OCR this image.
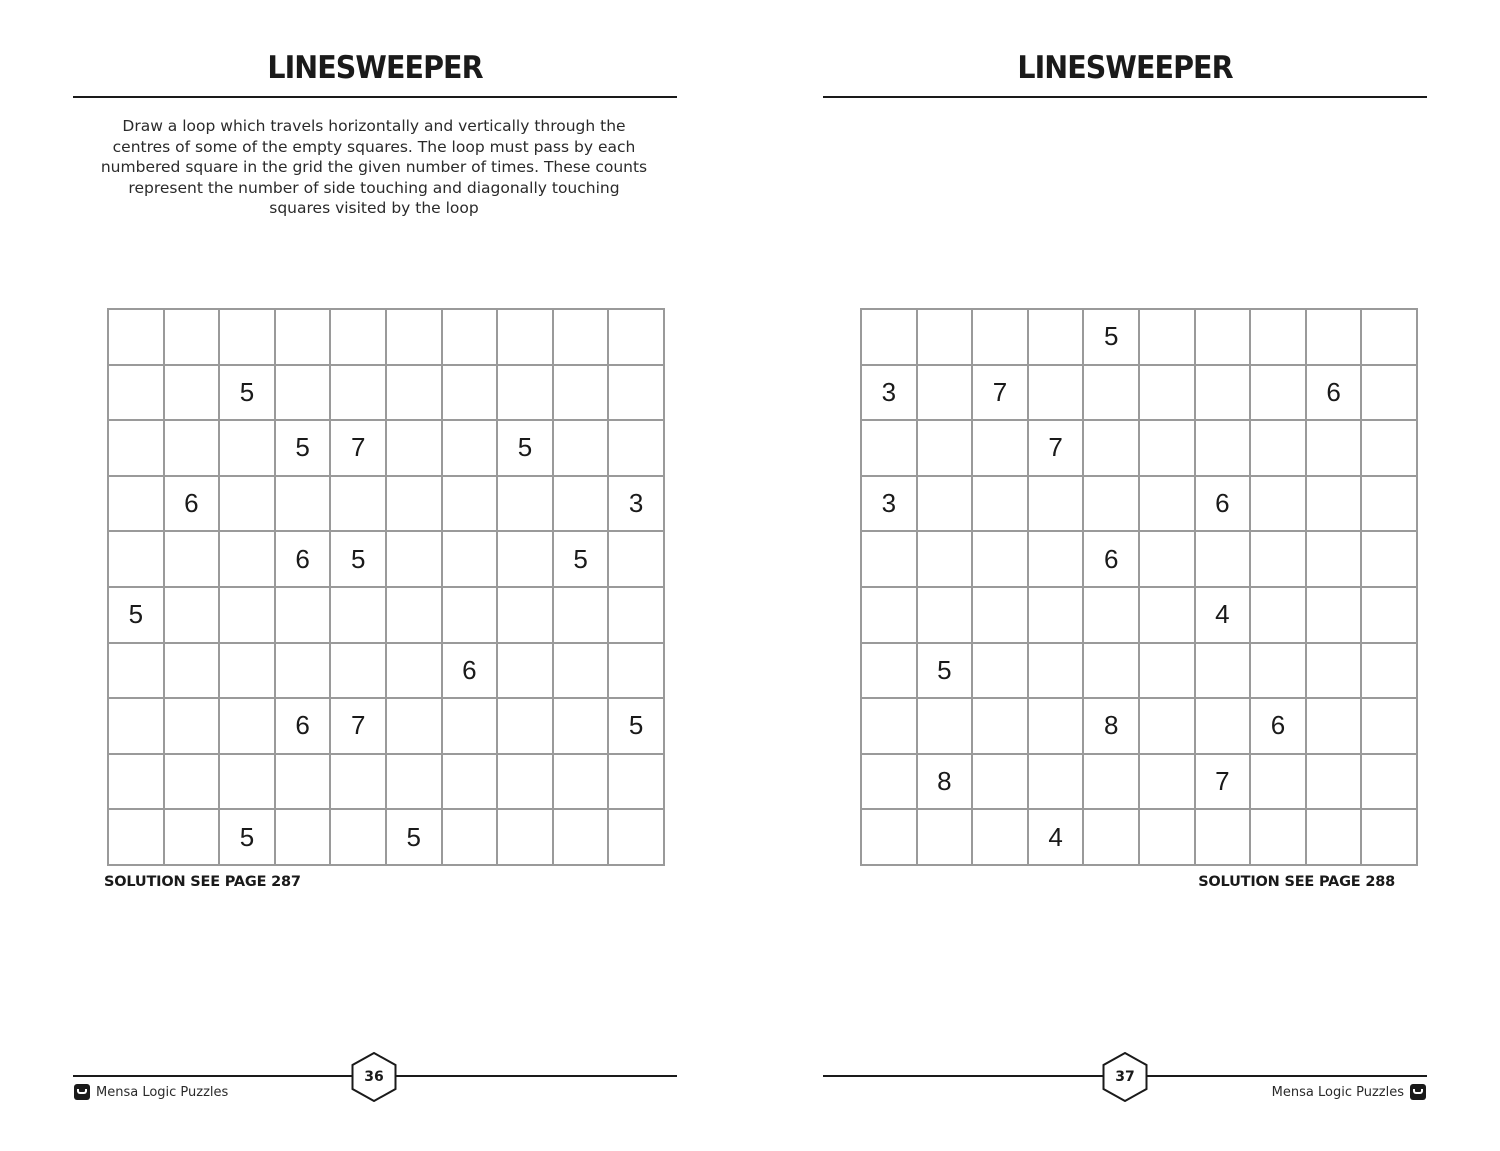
LINESWEEPER
Draw a loop which travels horizontally and vertically through the centres of some of the empty squares. The loop must pass by each numbered square in the grid the given number of times. These counts represent the number of side touching and diagonally touching squares visited by the loop

		5							
			5	7			5		
	6								3
			6	5				5	
5									
						6			
			6	7					5

		5			5				
SOLUTION SEE PAGE 287
36
Mensa Logic Puzzles
LINESWEEPER
				5					
3		7						6	
			7						
3						6			
				6					
						4			
	5								
				8			6		
	8					7			
			4						
SOLUTION SEE PAGE 288
37
Mensa Logic Puzzles
